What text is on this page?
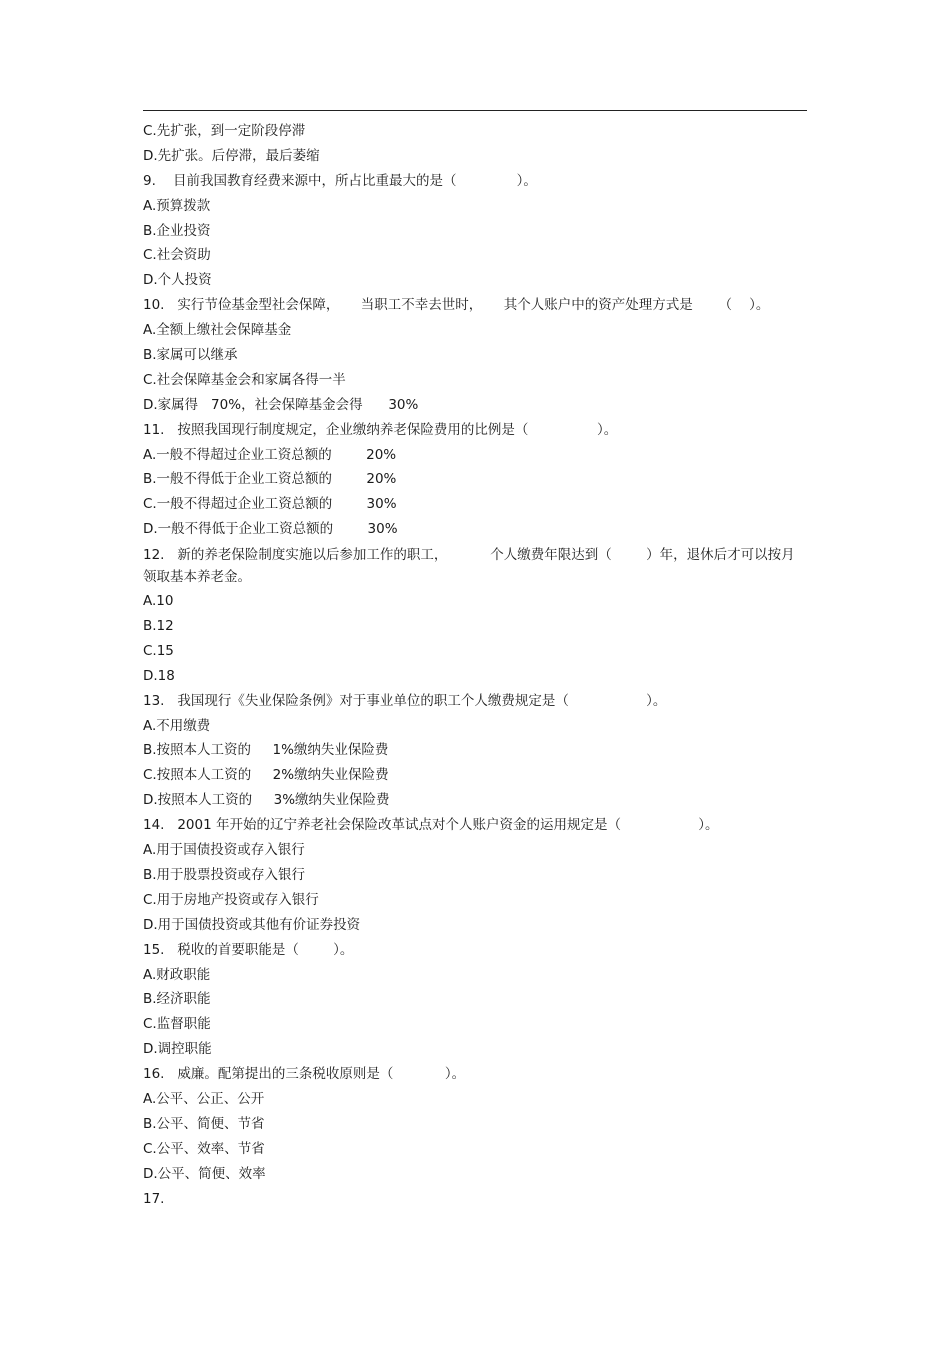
C.先扩张，到一定阶段停滞
D.先扩张。后停滞，最后萎缩
9.    目前我国教育经费来源中，所占比重最大的是（              ）。
A.预算拨款
B.企业投资
C.社会资助
D.个人投资
10.   实行节俭基金型社会保障，     当职工不幸去世时，     其个人账户中的资产处理方式是      （    ）。
A.全额上缴社会保障基金
B.家属可以继承
C.社会保障基金会和家属各得一半
D.家属得   70%，社会保障基金会得      30%
11.   按照我国现行制度规定，企业缴纳养老保险费用的比例是（                ）。
A.一般不得超过企业工资总额的        20%
B.一般不得低于企业工资总额的        20%
C.一般不得超过企业工资总额的        30%
D.一般不得低于企业工资总额的        30%
12.   新的养老保险制度实施以后参加工作的职工，          个人缴费年限达到（        ）年，退休后才可以按月领取基本养老金。
A.10
B.12
C.15
D.18
13.   我国现行《失业保险条例》对于事业单位的职工个人缴费规定是（                  ）。
A.不用缴费
B.按照本人工资的     1%缴纳失业保险费
C.按照本人工资的     2%缴纳失业保险费
D.按照本人工资的     3%缴纳失业保险费
14.   2001 年开始的辽宁养老社会保险改革试点对个人账户资金的运用规定是（                  ）。
A.用于国债投资或存入银行
B.用于股票投资或存入银行
C.用于房地产投资或存入银行
D.用于国债投资或其他有价证券投资
15.   税收的首要职能是（        ）。
A.财政职能
B.经济职能
C.监督职能
D.调控职能
16.   威廉。配第提出的三条税收原则是（            ）。
A.公平、公正、公开
B.公平、简便、节省
C.公平、效率、节省
D.公平、简便、效率
17.
